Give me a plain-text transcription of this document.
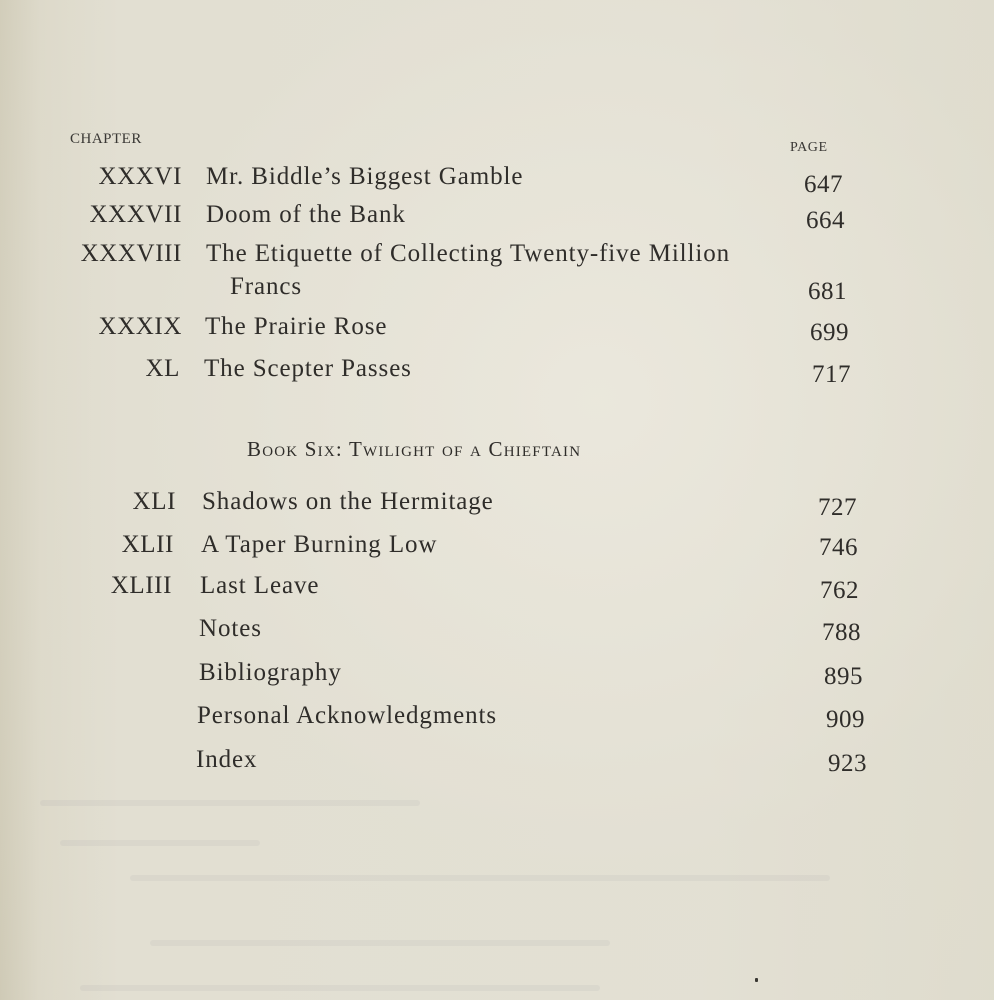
CHAPTER
PAGE
XXXVI Mr. Biddle’s Biggest Gamble	647
XXXVII Doom of the Bank	664
XXXVIII The Etiquette of Collecting Twenty-five Million
Francs	681
XXXIX The Prairie Rose	699
XL The Scepter Passes	717
Book Six: Twilight of a Chieftain
XLI Shadows on the Hermitage	727
XLII A Taper Burning Low	746
XLIII Last Leave	762
Notes	788
Bibliography	895
Personal Acknowledgments	909
Index	923
